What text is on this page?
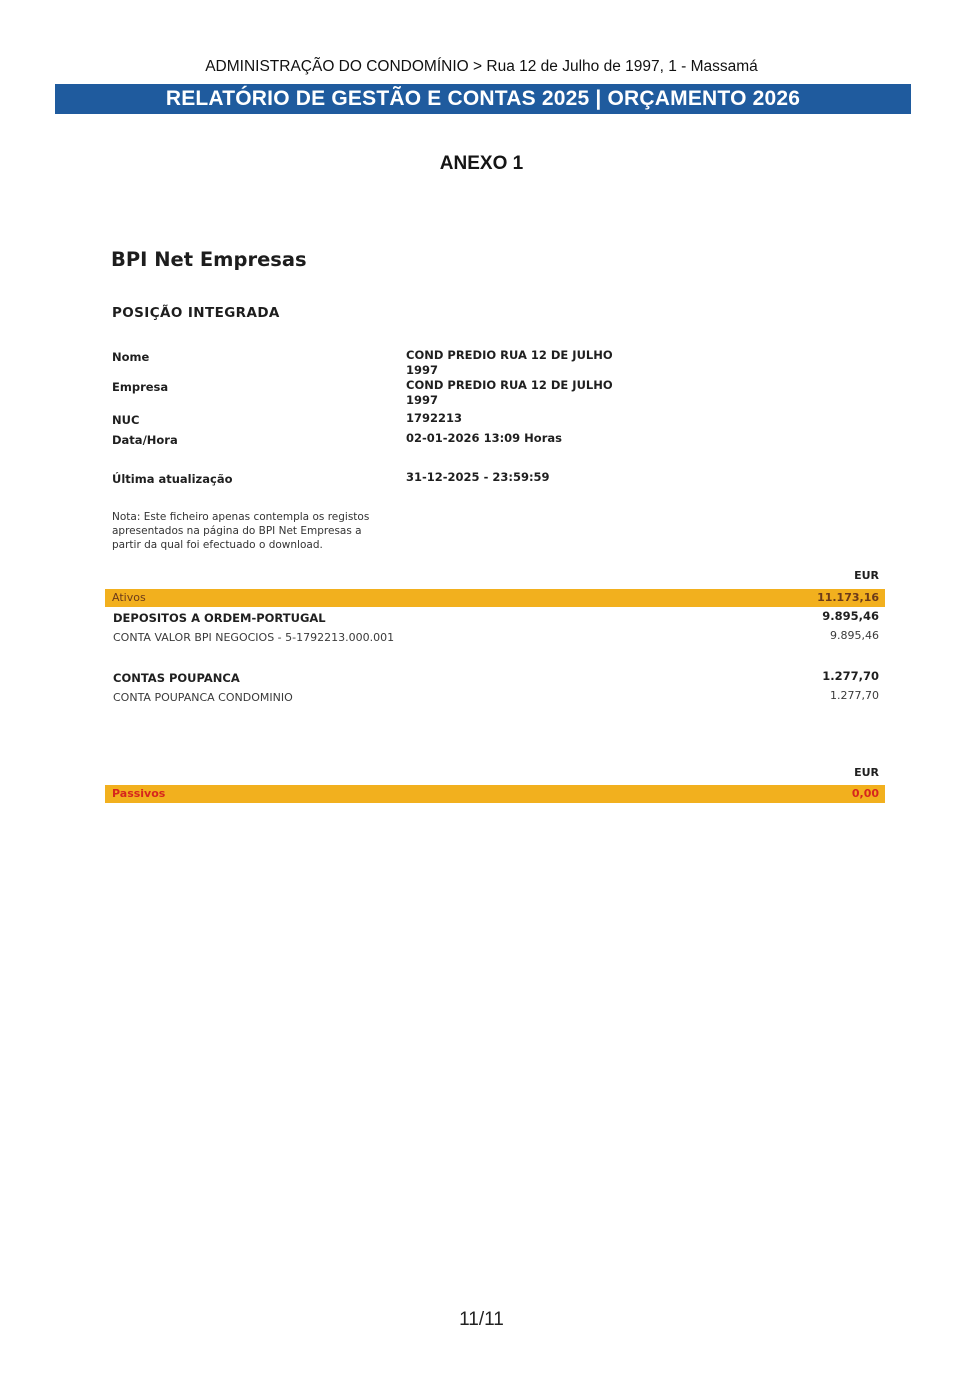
ADMINISTRAÇÃO DO CONDOMÍNIO > Rua 12 de Julho de 1997, 1 - Massamá
RELATÓRIO DE GESTÃO E CONTAS 2025 | ORÇAMENTO 2026
ANEXO 1
BPI Net Empresas
POSIÇÃO INTEGRADA
Nome	COND PREDIO RUA 12 DE JULHO
1997
Empresa	COND PREDIO RUA 12 DE JULHO
1997
NUC	1792213
Data/Hora	02-01-2026 13:09 Horas
Última atualização	31-12-2025 - 23:59:59
Nota: Este ficheiro apenas contempla os registos
apresentados na página do BPI Net Empresas a
partir da qual foi efectuado o download.
EUR
Ativos	11.173,16
DEPOSITOS A ORDEM-PORTUGAL	9.895,46
CONTA VALOR BPI NEGOCIOS - 5-1792213.000.001	9.895,46
CONTAS POUPANCA	1.277,70
CONTA POUPANCA CONDOMINIO	1.277,70
EUR
Passivos	0,00
11/11
